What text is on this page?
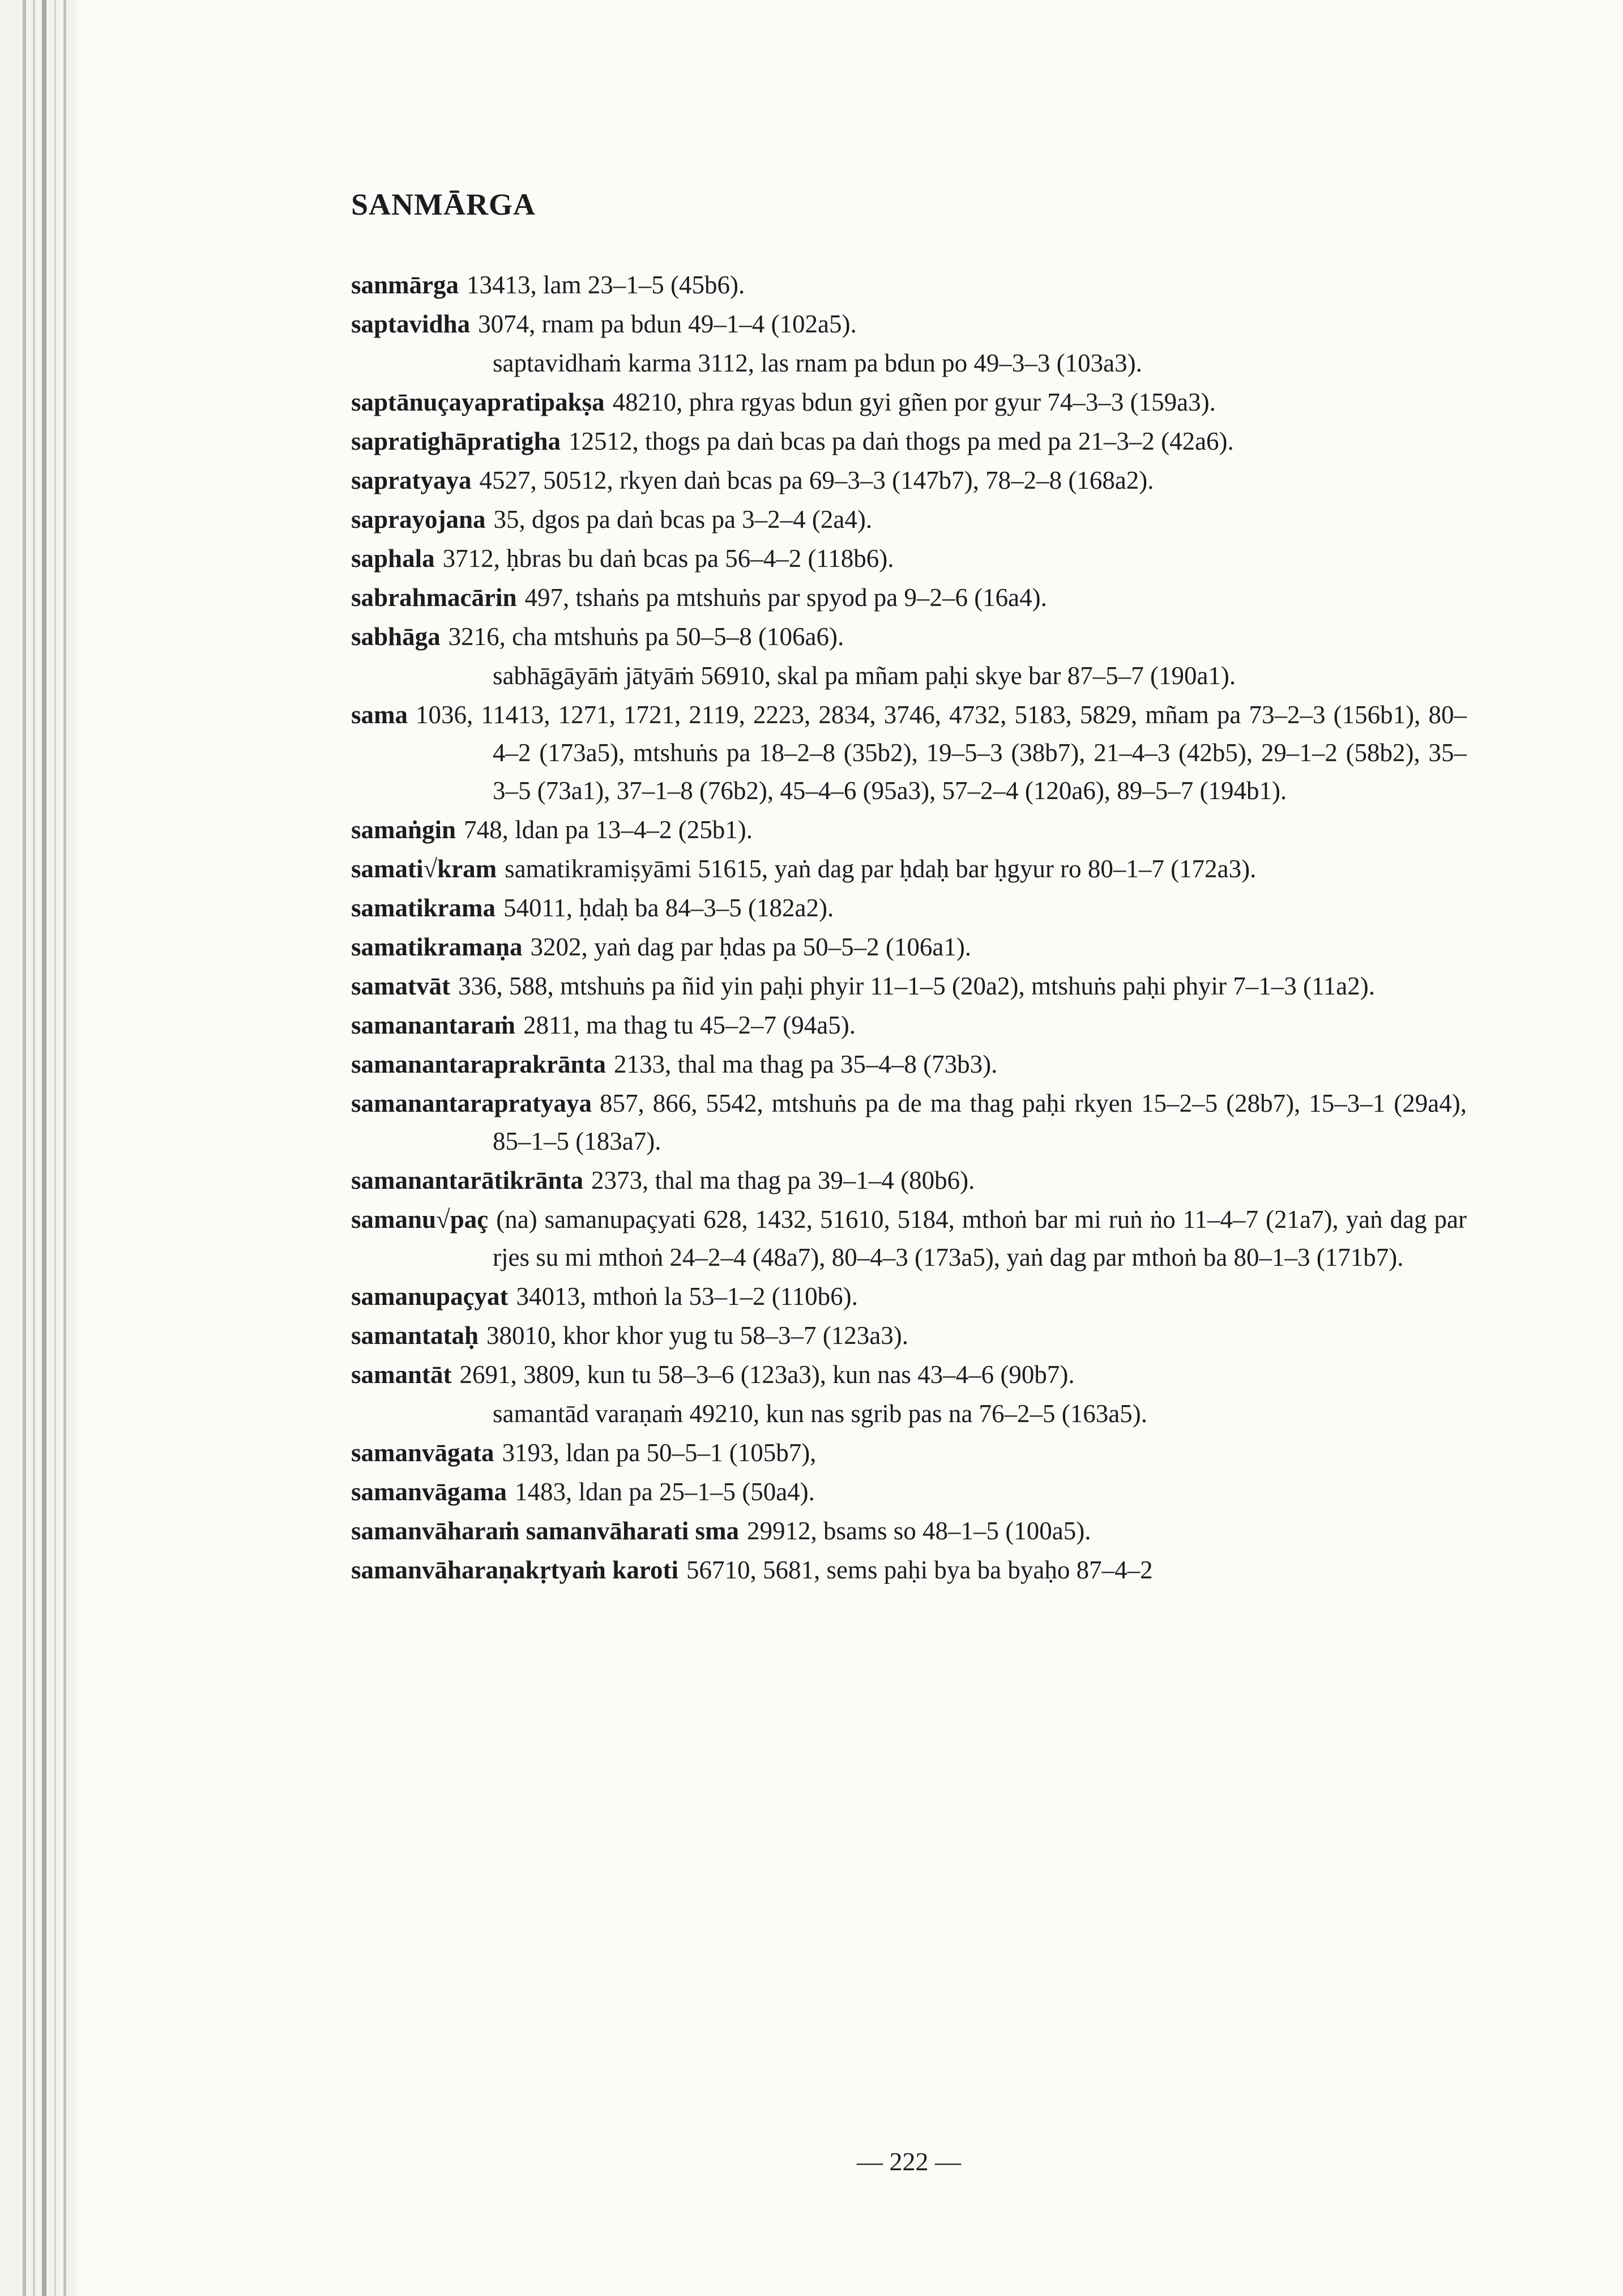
SANMĀRGA
sanmārga 13413, lam 23–1–5 (45b6).
saptavidha 3074, rnam pa bdun 49–1–4 (102a5).
saptavidhaṁ karma 3112, las rnam pa bdun po 49–3–3 (103a3).
saptānuçayapratipakṣa 48210, phra rgyas bdun gyi gñen por gyur 74–3–3 (159a3).
sapratighāpratigha 12512, thogs pa daṅ bcas pa daṅ thogs pa med pa 21–3–2 (42a6).
sapratyaya 4527, 50512, rkyen daṅ bcas pa 69–3–3 (147b7), 78–2–8 (168a2).
saprayojana 35, dgos pa daṅ bcas pa 3–2–4 (2a4).
saphala 3712, ḥbras bu daṅ bcas pa 56–4–2 (118b6).
sabrahmacārin 497, tshaṅs pa mtshuṅs par spyod pa 9–2–6 (16a4).
sabhāga 3216, cha mtshuṅs pa 50–5–8 (106a6).
sabhāgāyāṁ jātyāṁ 56910, skal pa mñam paḥi skye bar 87–5–7 (190a1).
sama 1036, 11413, 1271, 1721, 2119, 2223, 2834, 3746, 4732, 5183, 5829, mñam pa 73–2–3 (156b1), 80–4–2 (173a5), mtshuṅs pa 18–2–8 (35b2), 19–5–3 (38b7), 21–4–3 (42b5), 29–1–2 (58b2), 35–3–5 (73a1), 37–1–8 (76b2), 45–4–6 (95a3), 57–2–4 (120a6), 89–5–7 (194b1).
samaṅgin 748, ldan pa 13–4–2 (25b1).
samati√kram samatikramiṣyāmi 51615, yaṅ dag par ḥdaḥ bar ḥgyur ro 80–1–7 (172a3).
samatikrama 54011, ḥdaḥ ba 84–3–5 (182a2).
samatikramaṇa 3202, yaṅ dag par ḥdas pa 50–5–2 (106a1).
samatvāt 336, 588, mtshuṅs pa ñid yin paḥi phyir 11–1–5 (20a2), mtshuṅs paḥi phyir 7–1–3 (11a2).
samanantaraṁ 2811, ma thag tu 45–2–7 (94a5).
samanantaraprakrānta 2133, thal ma thag pa 35–4–8 (73b3).
samanantarapratyaya 857, 866, 5542, mtshuṅs pa de ma thag paḥi rkyen 15–2–5 (28b7), 15–3–1 (29a4), 85–1–5 (183a7).
samanantarātikrānta 2373, thal ma thag pa 39–1–4 (80b6).
samanu√paç (na) samanupaçyati 628, 1432, 51610, 5184, mthoṅ bar mi ruṅ ṅo 11–4–7 (21a7), yaṅ dag par rjes su mi mthoṅ 24–2–4 (48a7), 80–4–3 (173a5), yaṅ dag par mthoṅ ba 80–1–3 (171b7).
samanupaçyat 34013, mthoṅ la 53–1–2 (110b6).
samantataḥ 38010, khor khor yug tu 58–3–7 (123a3).
samantāt 2691, 3809, kun tu 58–3–6 (123a3), kun nas 43–4–6 (90b7).
samantād varaṇaṁ 49210, kun nas sgrib pas na 76–2–5 (163a5).
samanvāgata 3193, ldan pa 50–5–1 (105b7),
samanvāgama 1483, ldan pa 25–1–5 (50a4).
samanvāharaṁ samanvāharati sma 29912, bsams so 48–1–5 (100a5).
samanvāharaṇakṛtyaṁ karoti 56710, 5681, sems paḥi bya ba byaḥo 87–4–2
— 222 —
